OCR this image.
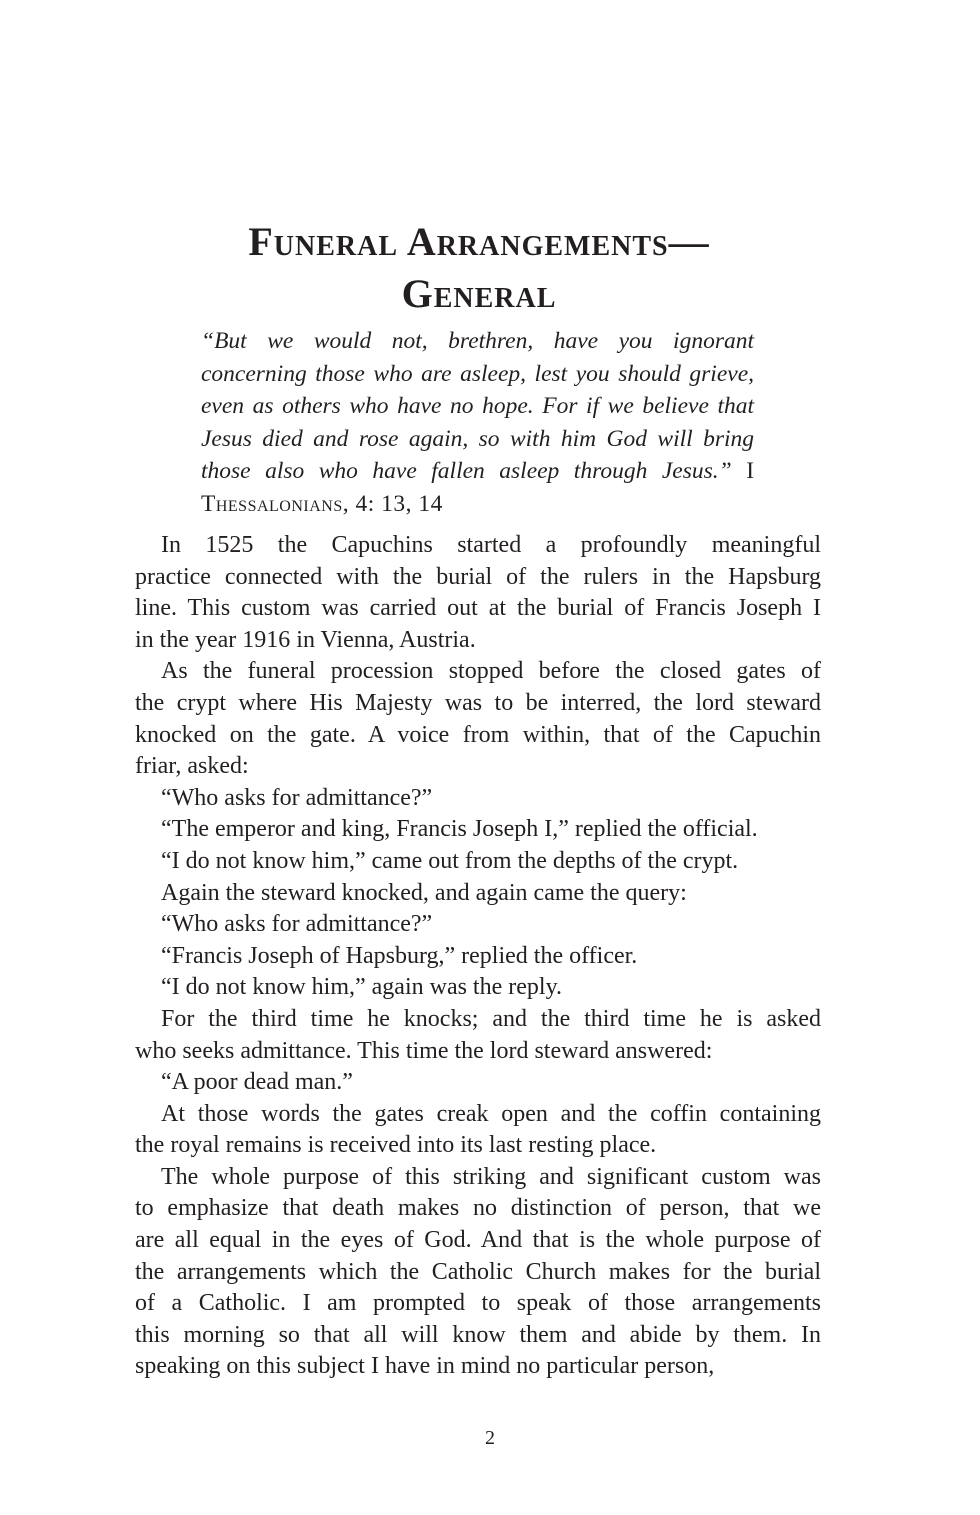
Funeral Arrangements—
General
“But we would not, brethren, have you ignorant
concerning those who are asleep, lest you should grieve,
even as others who have no hope. For if we believe that
Jesus died and rose again, so with him God will bring
those also who have fallen asleep through Jesus.” I
Thessalonians, 4: 13, 14

In 1525 the Capuchins started a profoundly meaningful
practice connected with the burial of the rulers in the Hapsburg
line. This custom was carried out at the burial of Francis Joseph I
in the year 1916 in Vienna, Austria.

As the funeral procession stopped before the closed gates of
the crypt where His Majesty was to be interred, the lord steward
knocked on the gate. A voice from within, that of the Capuchin
friar, asked:

“Who asks for admittance?”

“The emperor and king, Francis Joseph I,” replied the official.

“I do not know him,” came out from the depths of the crypt.

Again the steward knocked, and again came the query:

“Who asks for admittance?”

“Francis Joseph of Hapsburg,” replied the officer.

“I do not know him,” again was the reply.

For the third time he knocks; and the third time he is asked
who seeks admittance. This time the lord steward answered:

“A poor dead man.”

At those words the gates creak open and the coffin containing
the royal remains is received into its last resting place.

The whole purpose of this striking and significant custom was
to emphasize that death makes no distinction of person, that we
are all equal in the eyes of God. And that is the whole purpose of
the arrangements which the Catholic Church makes for the burial
of a Catholic. I am prompted to speak of those arrangements
this morning so that all will know them and abide by them. In
speaking on this subject I have in mind no particular person,

2
